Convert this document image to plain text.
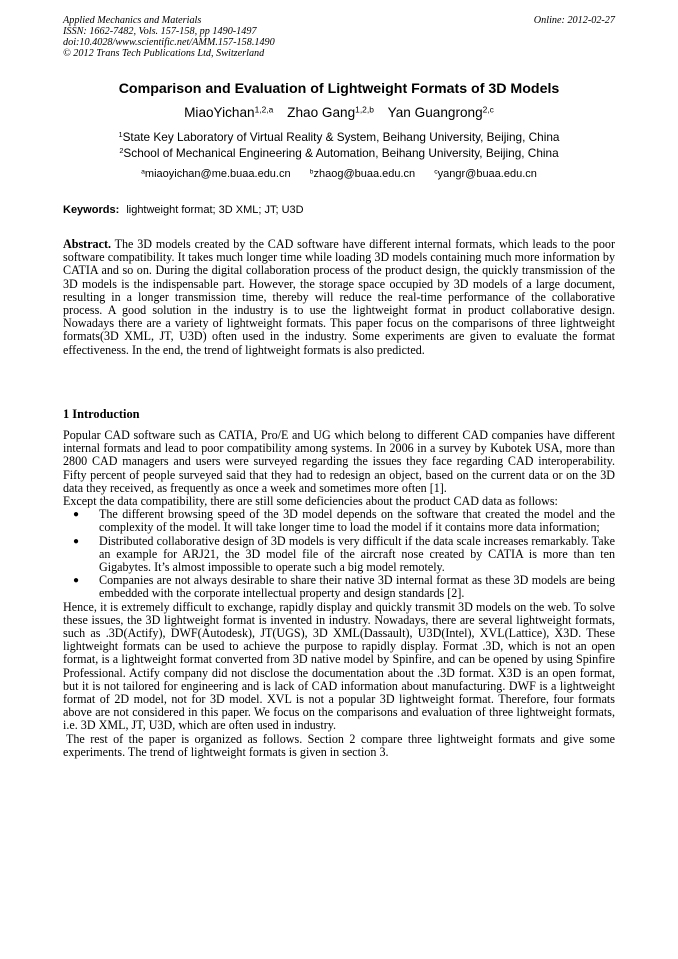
Applied Mechanics and Materials
ISSN: 1662-7482, Vols. 157-158, pp 1490-1497
doi:10.4028/www.scientific.net/AMM.157-158.1490
© 2012 Trans Tech Publications Ltd, Switzerland
Online: 2012-02-27
Comparison and Evaluation of Lightweight Formats of 3D Models
MiaoYichan$^{1,2,a}$ Zhao Gang$^{1,2,b}$ Yan Guangrong$^{2,c}$
$^1$State Key Laboratory of Virtual Reality & System, Beihang University, Beijing, China
$^2$School of Mechanical Engineering & Automation, Beihang University, Beijing, China
$^a$miaoyichan@me.buaa.edu.cn	$^b$zhaog@buaa.edu.cn	$^c$yangr@buaa.edu.cn
Keywords: lightweight format; 3D XML; JT; U3D
Abstract. The 3D models created by the CAD software have different internal formats, which leads to the poor software compatibility. It takes much longer time while loading 3D models containing much more information by CATIA and so on. During the digital collaboration process of the product design, the quickly transmission of the 3D models is the indispensable part. However, the storage space occupied by 3D models of a large document, resulting in a longer transmission time, thereby will reduce the real-time performance of the collaborative process. A good solution in the industry is to use the lightweight format in product collaborative design. Nowadays there are a variety of lightweight formats. This paper focus on the comparisons of three lightweight formats(3D XML, JT, U3D) often used in the industry. Some experiments are given to evaluate the format effectiveness. In the end, the trend of lightweight formats is also predicted.
1 Introduction

Popular CAD software such as CATIA, Pro/E and UG which belong to different CAD companies have different internal formats and lead to poor compatibility among systems. In 2006 in a survey by Kubotek USA, more than 2800 CAD managers and users were surveyed regarding the issues they face regarding CAD interoperability. Fifty percent of people surveyed said that they had to redesign an object, based on the current data or on the 3D data they received, as frequently as once a week and sometimes more often [1].

Except the data compatibility, there are still some deficiencies about the product CAD data as follows:

● The different browsing speed of the 3D model depends on the software that created the model and the complexity of the model. It will take longer time to load the model if it contains more data information;
● Distributed collaborative design of 3D models is very difficult if the data scale increases remarkably. Take an example for ARJ21, the 3D model file of the aircraft nose created by CATIA is more than ten Gigabytes. It’s almost impossible to operate such a big model remotely.
● Companies are not always desirable to share their native 3D internal format as these 3D models are being embedded with the corporate intellectual property and design standards [2].

Hence, it is extremely difficult to exchange, rapidly display and quickly transmit 3D models on the web. To solve these issues, the 3D lightweight format is invented in industry. Nowadays, there are several lightweight formats, such as .3D(Actify), DWF(Autodesk), JT(UGS), 3D XML(Dassault), U3D(Intel), XVL(Lattice), X3D. These lightweight formats can be used to achieve the purpose to rapidly display. Format .3D, which is not an open format, is a lightweight format converted from 3D native model by Spinfire, and can be opened by using Spinfire Professional. Actify company did not disclose the documentation about the .3D format. X3D is an open format, but it is not tailored for engineering and is lack of CAD information about manufacturing. DWF is a lightweight format of 2D model, not for 3D model. XVL is not a popular 3D lightweight format. Therefore, four formats above are not considered in this paper. We focus on the comparisons and evaluation of three lightweight formats, i.e. 3D XML, JT, U3D, which are often used in industry.

The rest of the paper is organized as follows. Section 2 compare three lightweight formats and give some experiments. The trend of lightweight formats is given in section 3.
